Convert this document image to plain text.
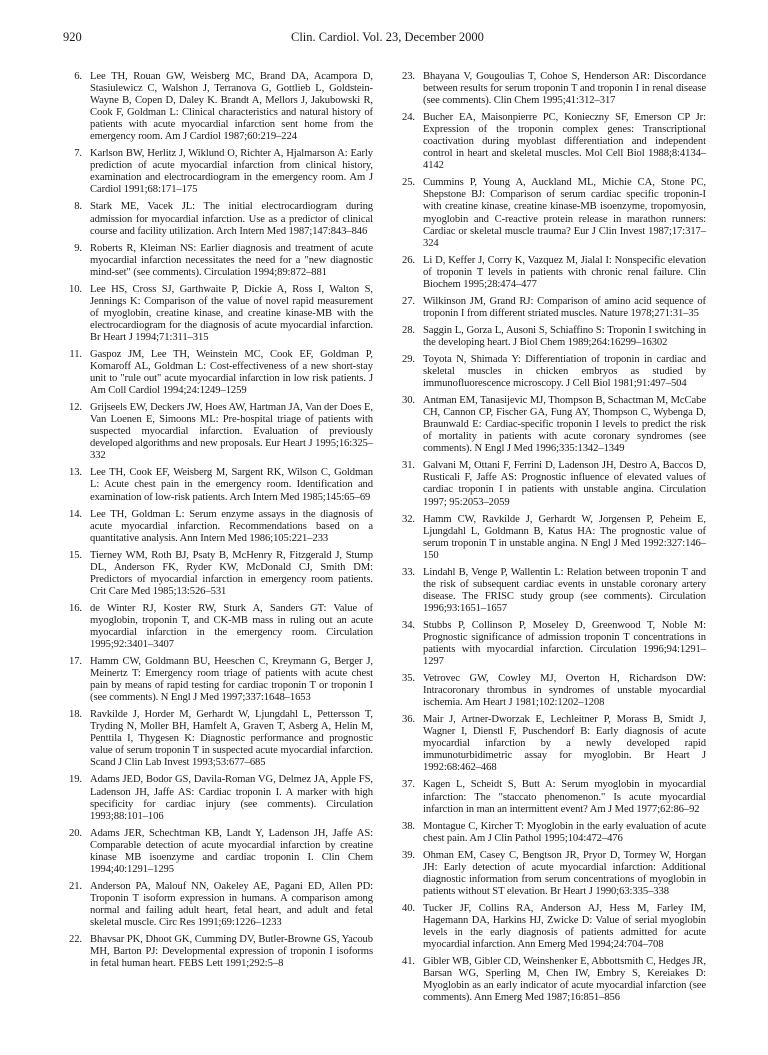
920	Clin. Cardiol. Vol. 23, December 2000
6. Lee TH, Rouan GW, Weisberg MC, Brand DA, Acampora D, Stasiulewicz C, Walshon J, Terranova G, Gottlieb L, Goldstein-Wayne B, Copen D, Daley K. Brandt A, Mellors J, Jakubowski R, Cook F, Goldman L: Clinical characteristics and natural history of patients with acute myocardial infarction sent home from the emergency room. Am J Cardiol 1987;60:219–224
7. Karlson BW, Herlitz J, Wiklund O, Richter A, Hjalmarson A: Early prediction of acute myocardial infarction from clinical history, examination and electrocardiogram in the emergency room. Am J Cardiol 1991;68:171–175
8. Stark ME, Vacek JL: The initial electrocardiogram during admission for myocardial infarction. Use as a predictor of clinical course and facility utilization. Arch Intern Med 1987;147:843–846
9. Roberts R, Kleiman NS: Earlier diagnosis and treatment of acute myocardial infarction necessitates the need for a "new diagnostic mind-set" (see comments). Circulation 1994;89:872–881
10. Lee HS, Cross SJ, Garthwaite P, Dickie A, Ross I, Walton S, Jennings K: Comparison of the value of novel rapid measurement of myoglobin, creatine kinase, and creatine kinase-MB with the electrocardiogram for the diagnosis of acute myocardial infarction. Br Heart J 1994;71:311–315
11. Gaspoz JM, Lee TH, Weinstein MC, Cook EF, Goldman P, Komaroff AL, Goldman L: Cost-effectiveness of a new short-stay unit to "rule out" acute myocardial infarction in low risk patients. J Am Coll Cardiol 1994;24:1249–1259
12. Grijseels EW, Deckers JW, Hoes AW, Hartman JA, Van der Does E, Van Loenen E, Simoons ML: Pre-hospital triage of patients with suspected myocardial infarction. Evaluation of previously developed algorithms and new proposals. Eur Heart J 1995;16:325–332
13. Lee TH, Cook EF, Weisberg M, Sargent RK, Wilson C, Goldman L: Acute chest pain in the emergency room. Identification and examination of low-risk patients. Arch Intern Med 1985;145:65–69
14. Lee TH, Goldman L: Serum enzyme assays in the diagnosis of acute myocardial infarction. Recommendations based on a quantitative analysis. Ann Intern Med 1986;105:221–233
15. Tierney WM, Roth BJ, Psaty B, McHenry R, Fitzgerald J, Stump DL, Anderson FK, Ryder KW, McDonald CJ, Smith DM: Predictors of myocardial infarction in emergency room patients. Crit Care Med 1985;13:526–531
16. de Winter RJ, Koster RW, Sturk A, Sanders GT: Value of myoglobin, troponin T, and CK-MB mass in ruling out an acute myocardial infarction in the emergency room. Circulation 1995;92:3401–3407
17. Hamm CW, Goldmann BU, Heeschen C, Kreymann G, Berger J, Meinertz T: Emergency room triage of patients with acute chest pain by means of rapid testing for cardiac troponin T or troponin I (see comments). N Engl J Med 1997;337:1648–1653
18. Ravkilde J, Horder M, Gerhardt W, Ljungdahl L, Pettersson T, Tryding N, Moller BH, Hamfelt A, Graven T, Asberg A, Helin M, Penttila I, Thygesen K: Diagnostic performance and prognostic value of serum troponin T in suspected acute myocardial infarction. Scand J Clin Lab Invest 1993;53:677–685
19. Adams JED, Bodor GS, Davila-Roman VG, Delmez JA, Apple FS, Ladenson JH, Jaffe AS: Cardiac troponin I. A marker with high specificity for cardiac injury (see comments). Circulation 1993;88:101–106
20. Adams JER, Schechtman KB, Landt Y, Ladenson JH, Jaffe AS: Comparable detection of acute myocardial infarction by creatine kinase MB isoenzyme and cardiac troponin I. Clin Chem 1994;40:1291–1295
21. Anderson PA, Malouf NN, Oakeley AE, Pagani ED, Allen PD: Troponin T isoform expression in humans. A comparison among normal and failing adult heart, fetal heart, and adult and fetal skeletal muscle. Circ Res 1991;69:1226–1233
22. Bhavsar PK, Dhoot GK, Cumming DV, Butler-Browne GS, Yacoub MH, Barton PJ: Developmental expression of troponin I isoforms in fetal human heart. FEBS Lett 1991;292:5–8
23. Bhayana V, Gougoulias T, Cohoe S, Henderson AR: Discordance between results for serum troponin T and troponin I in renal disease (see comments). Clin Chem 1995;41:312–317
24. Bucher EA, Maisonpierre PC, Konieczny SF, Emerson CP Jr: Expression of the troponin complex genes: Transcriptional coactivation during myoblast differentiation and independent control in heart and skeletal muscles. Mol Cell Biol 1988;8:4134–4142
25. Cummins P, Young A, Auckland ML, Michie CA, Stone PC, Shepstone BJ: Comparison of serum cardiac specific troponin-I with creatine kinase, creatine kinase-MB isoenzyme, tropomyosin, myoglobin and C-reactive protein release in marathon runners: Cardiac or skeletal muscle trauma? Eur J Clin Invest 1987;17:317–324
26. Li D, Keffer J, Corry K, Vazquez M, Jialal I: Nonspecific elevation of troponin T levels in patients with chronic renal failure. Clin Biochem 1995;28:474–477
27. Wilkinson JM, Grand RJ: Comparison of amino acid sequence of troponin I from different striated muscles. Nature 1978;271:31–35
28. Saggin L, Gorza L, Ausoni S, Schiaffino S: Troponin I switching in the developing heart. J Biol Chem 1989;264:16299–16302
29. Toyota N, Shimada Y: Differentiation of troponin in cardiac and skeletal muscles in chicken embryos as studied by immunofluorescence microscopy. J Cell Biol 1981;91:497–504
30. Antman EM, Tanasijevic MJ, Thompson B, Schactman M, McCabe CH, Cannon CP, Fischer GA, Fung AY, Thompson C, Wybenga D, Braunwald E: Cardiac-specific troponin I levels to predict the risk of mortality in patients with acute coronary syndromes (see comments). N Engl J Med 1996;335:1342–1349
31. Galvani M, Ottani F, Ferrini D, Ladenson JH, Destro A, Baccos D, Rusticali F, Jaffe AS: Prognostic influence of elevated values of cardiac troponin I in patients with unstable angina. Circulation 1997; 95:2053–2059
32. Hamm CW, Ravkilde J, Gerhardt W, Jorgensen P, Peheim E, Ljungdahl L, Goldmann B, Katus HA: The prognostic value of serum troponin T in unstable angina. N Engl J Med 1992:327:146–150
33. Lindahl B, Venge P, Wallentin L: Relation between troponin T and the risk of subsequent cardiac events in unstable coronary artery disease. The FRISC study group (see comments). Circulation 1996;93:1651–1657
34. Stubbs P, Collinson P, Moseley D, Greenwood T, Noble M: Prognostic significance of admission troponin T concentrations in patients with myocardial infarction. Circulation 1996;94:1291–1297
35. Vetrovec GW, Cowley MJ, Overton H, Richardson DW: Intracoronary thrombus in syndromes of unstable myocardial ischemia. Am Heart J 1981;102:1202–1208
36. Mair J, Artner-Dworzak E, Lechleitner P, Morass B, Smidt J, Wagner I, Dienstl F, Puschendorf B: Early diagnosis of acute myocardial infarction by a newly developed rapid immunoturbidimetric assay for myoglobin. Br Heart J 1992:68:462–468
37. Kagen L, Scheidt S, Butt A: Serum myoglobin in myocardial infarction: The "staccato phenomenon." Is acute myocardial infarction in man an intermittent event? Am J Med 1977;62:86–92
38. Montague C, Kircher T: Myoglobin in the early evaluation of acute chest pain. Am J Clin Pathol 1995;104:472–476
39. Ohman EM, Casey C, Bengtson JR, Pryor D, Tormey W, Horgan JH: Early detection of acute myocardial infarction: Additional diagnostic information from serum concentrations of myoglobin in patients without ST elevation. Br Heart J 1990;63:335–338
40. Tucker JF, Collins RA, Anderson AJ, Hess M, Farley IM, Hagemann DA, Harkins HJ, Zwicke D: Value of serial myoglobin levels in the early diagnosis of patients admitted for acute myocardial infarction. Ann Emerg Med 1994;24:704–708
41. Gibler WB, Gibler CD, Weinshenker E, Abbottsmith C, Hedges JR, Barsan WG, Sperling M, Chen IW, Embry S, Kereiakes D: Myoglobin as an early indicator of acute myocardial infarction (see comments). Ann Emerg Med 1987;16:851–856
